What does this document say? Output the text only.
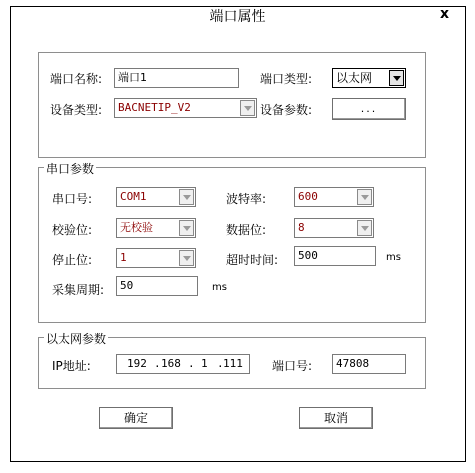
端口属性	x
端口名称:	端口1	端口类型:	以太网
设备类型:	BACNETIP_V2	设备参数:	...
串口参数
串口号:	COM1	波特率:	600
校验位:	无校验	数据位:	8
停止位:	1	超时时间:	500	ms
采集周期:	50	ms
以太网参数
IP地址:	192 . 168 . 1 . 111 端口号:	47808
确定	取消
